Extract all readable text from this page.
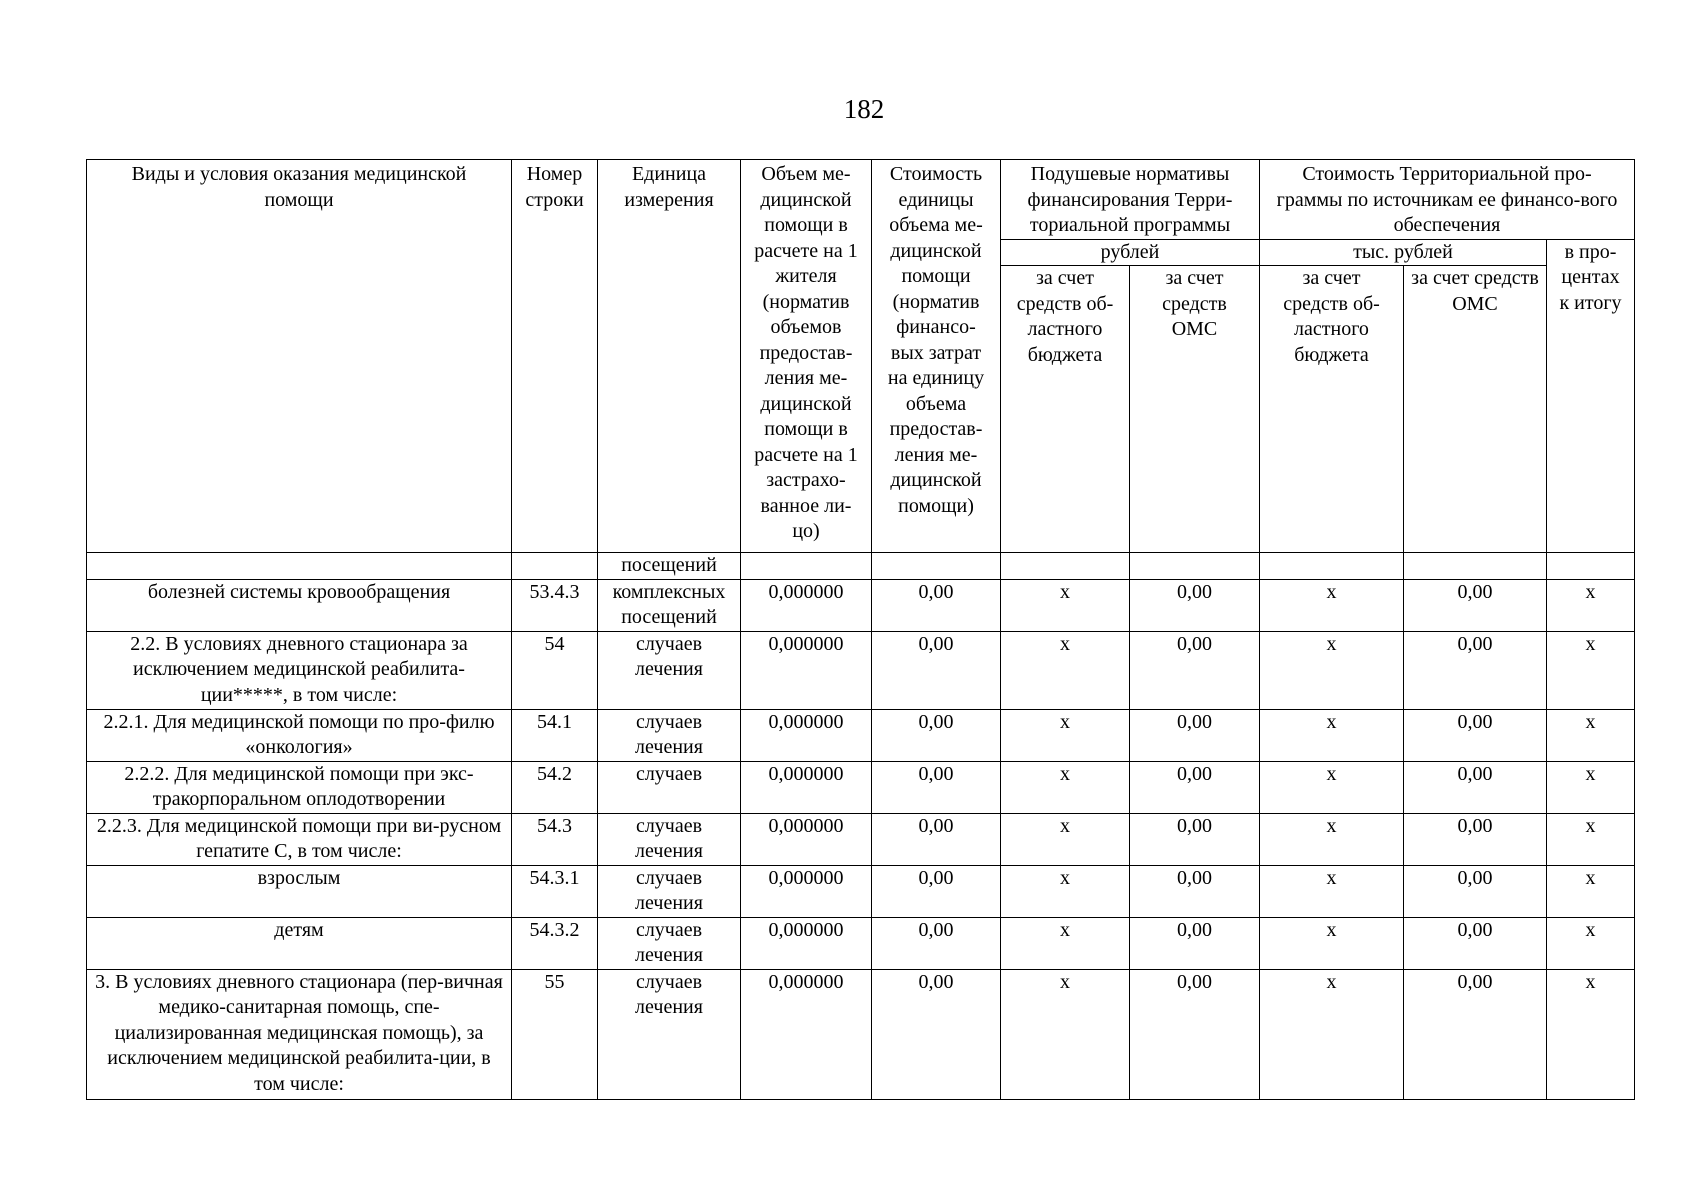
182
Виды и условия оказания медицинской помощи	Номер строки	Единица измерения	Объем ме-дицинской помощи в расчете на 1 жителя (норматив объемов предостав-ления ме-дицинской помощи в расчете на 1 застрахо-ванное ли-цо)	Стоимость единицы объема ме-дицинской помощи (норматив финансо-вых затрат на единицу объема предостав-ления ме-дицинской помощи)	Подушевые нормативы финансирования Терри-ториальной программы		Стоимость Территориальной про-граммы по источникам ее финансо-вого обеспечения		
					рублей		тыс. рублей		в про-центах к итогу
					за счет средств об-ластного бюджета	за счет средств ОМС	за счет средств об-ластного бюджета	за счет средств ОМС	
		посещений							
болезней системы кровообращения	53.4.3	комплексных посещений	0,000000	0,00	х	0,00	х	0,00	х
2.2. В условиях дневного стационара за исключением медицинской реабилита-ции*****, в том числе:	54	случаев лечения	0,000000	0,00	х	0,00	х	0,00	х
2.2.1. Для медицинской помощи по про-филю «онкология»	54.1	случаев лечения	0,000000	0,00	х	0,00	х	0,00	х
2.2.2. Для медицинской помощи при экс-тракорпоральном оплодотворении	54.2	случаев	0,000000	0,00	х	0,00	х	0,00	х
2.2.3. Для медицинской помощи при ви-русном гепатите С, в том числе:	54.3	случаев лечения	0,000000	0,00	х	0,00	х	0,00	х
взрослым	54.3.1	случаев лечения	0,000000	0,00	х	0,00	х	0,00	х
детям	54.3.2	случаев лечения	0,000000	0,00	х	0,00	х	0,00	х
3. В условиях дневного стационара (пер-вичная медико-санитарная помощь, спе-циализированная медицинская помощь), за исключением медицинской реабилита-ции, в том числе:	55	случаев лечения	0,000000	0,00	х	0,00	х	0,00	х
